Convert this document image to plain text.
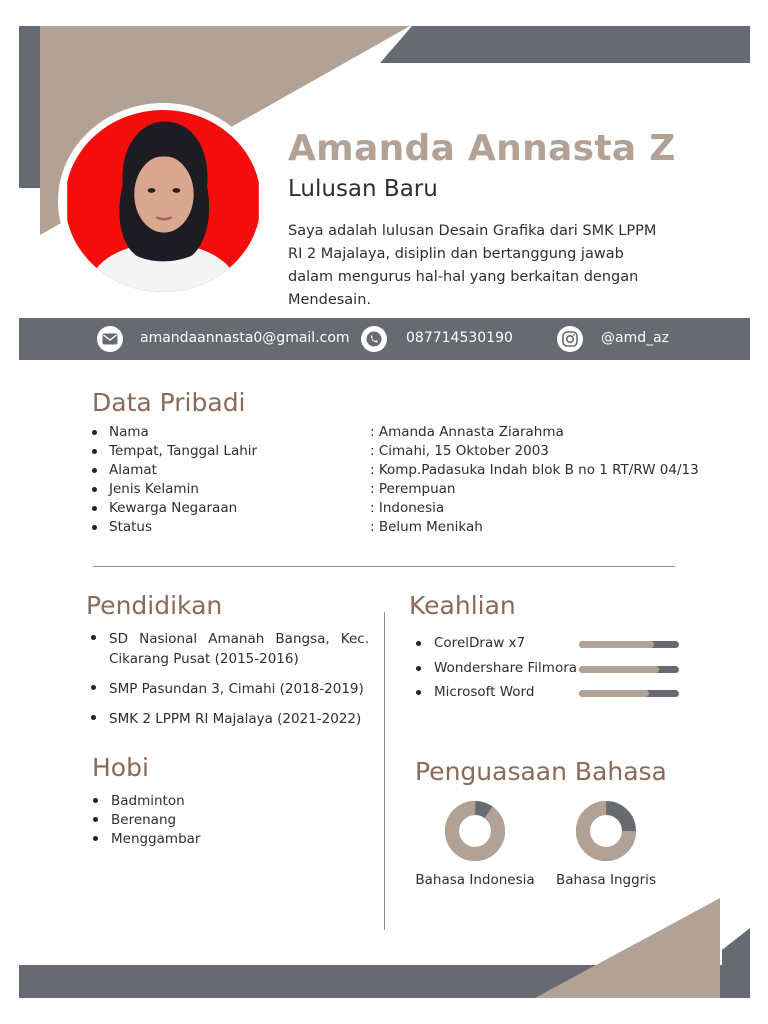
Amanda Annasta Z
Lulusan Baru
Saya adalah lulusan Desain Grafika dari SMK LPPM RI 2 Majalaya, disiplin dan bertanggung jawab dalam mengurus hal-hal yang berkaitan dengan Mendesain.
amandaannasta0@gmail.com	087714530190	@amd_az
Data Pribadi
Nama	: Amanda Annasta Ziarahma
Tempat, Tanggal Lahir	: Cimahi, 15 Oktober 2003
Alamat	: Komp.Padasuka Indah blok B no 1 RT/RW 04/13
Jenis Kelamin	: Perempuan
Kewarga Negaraan	: Indonesia
Status	: Belum Menikah
Pendidikan
SD Nasional Amanah Bangsa, Kec. Cikarang Pusat (2015-2016)
SMP Pasundan 3, Cimahi (2018-2019)
SMK 2 LPPM RI Majalaya (2021-2022)
Hobi
Badminton
Berenang
Menggambar
Keahlian
CorelDraw x7
Wondershare Filmora
Microsoft Word
Penguasaan Bahasa
Bahasa Indonesia	Bahasa Inggris
